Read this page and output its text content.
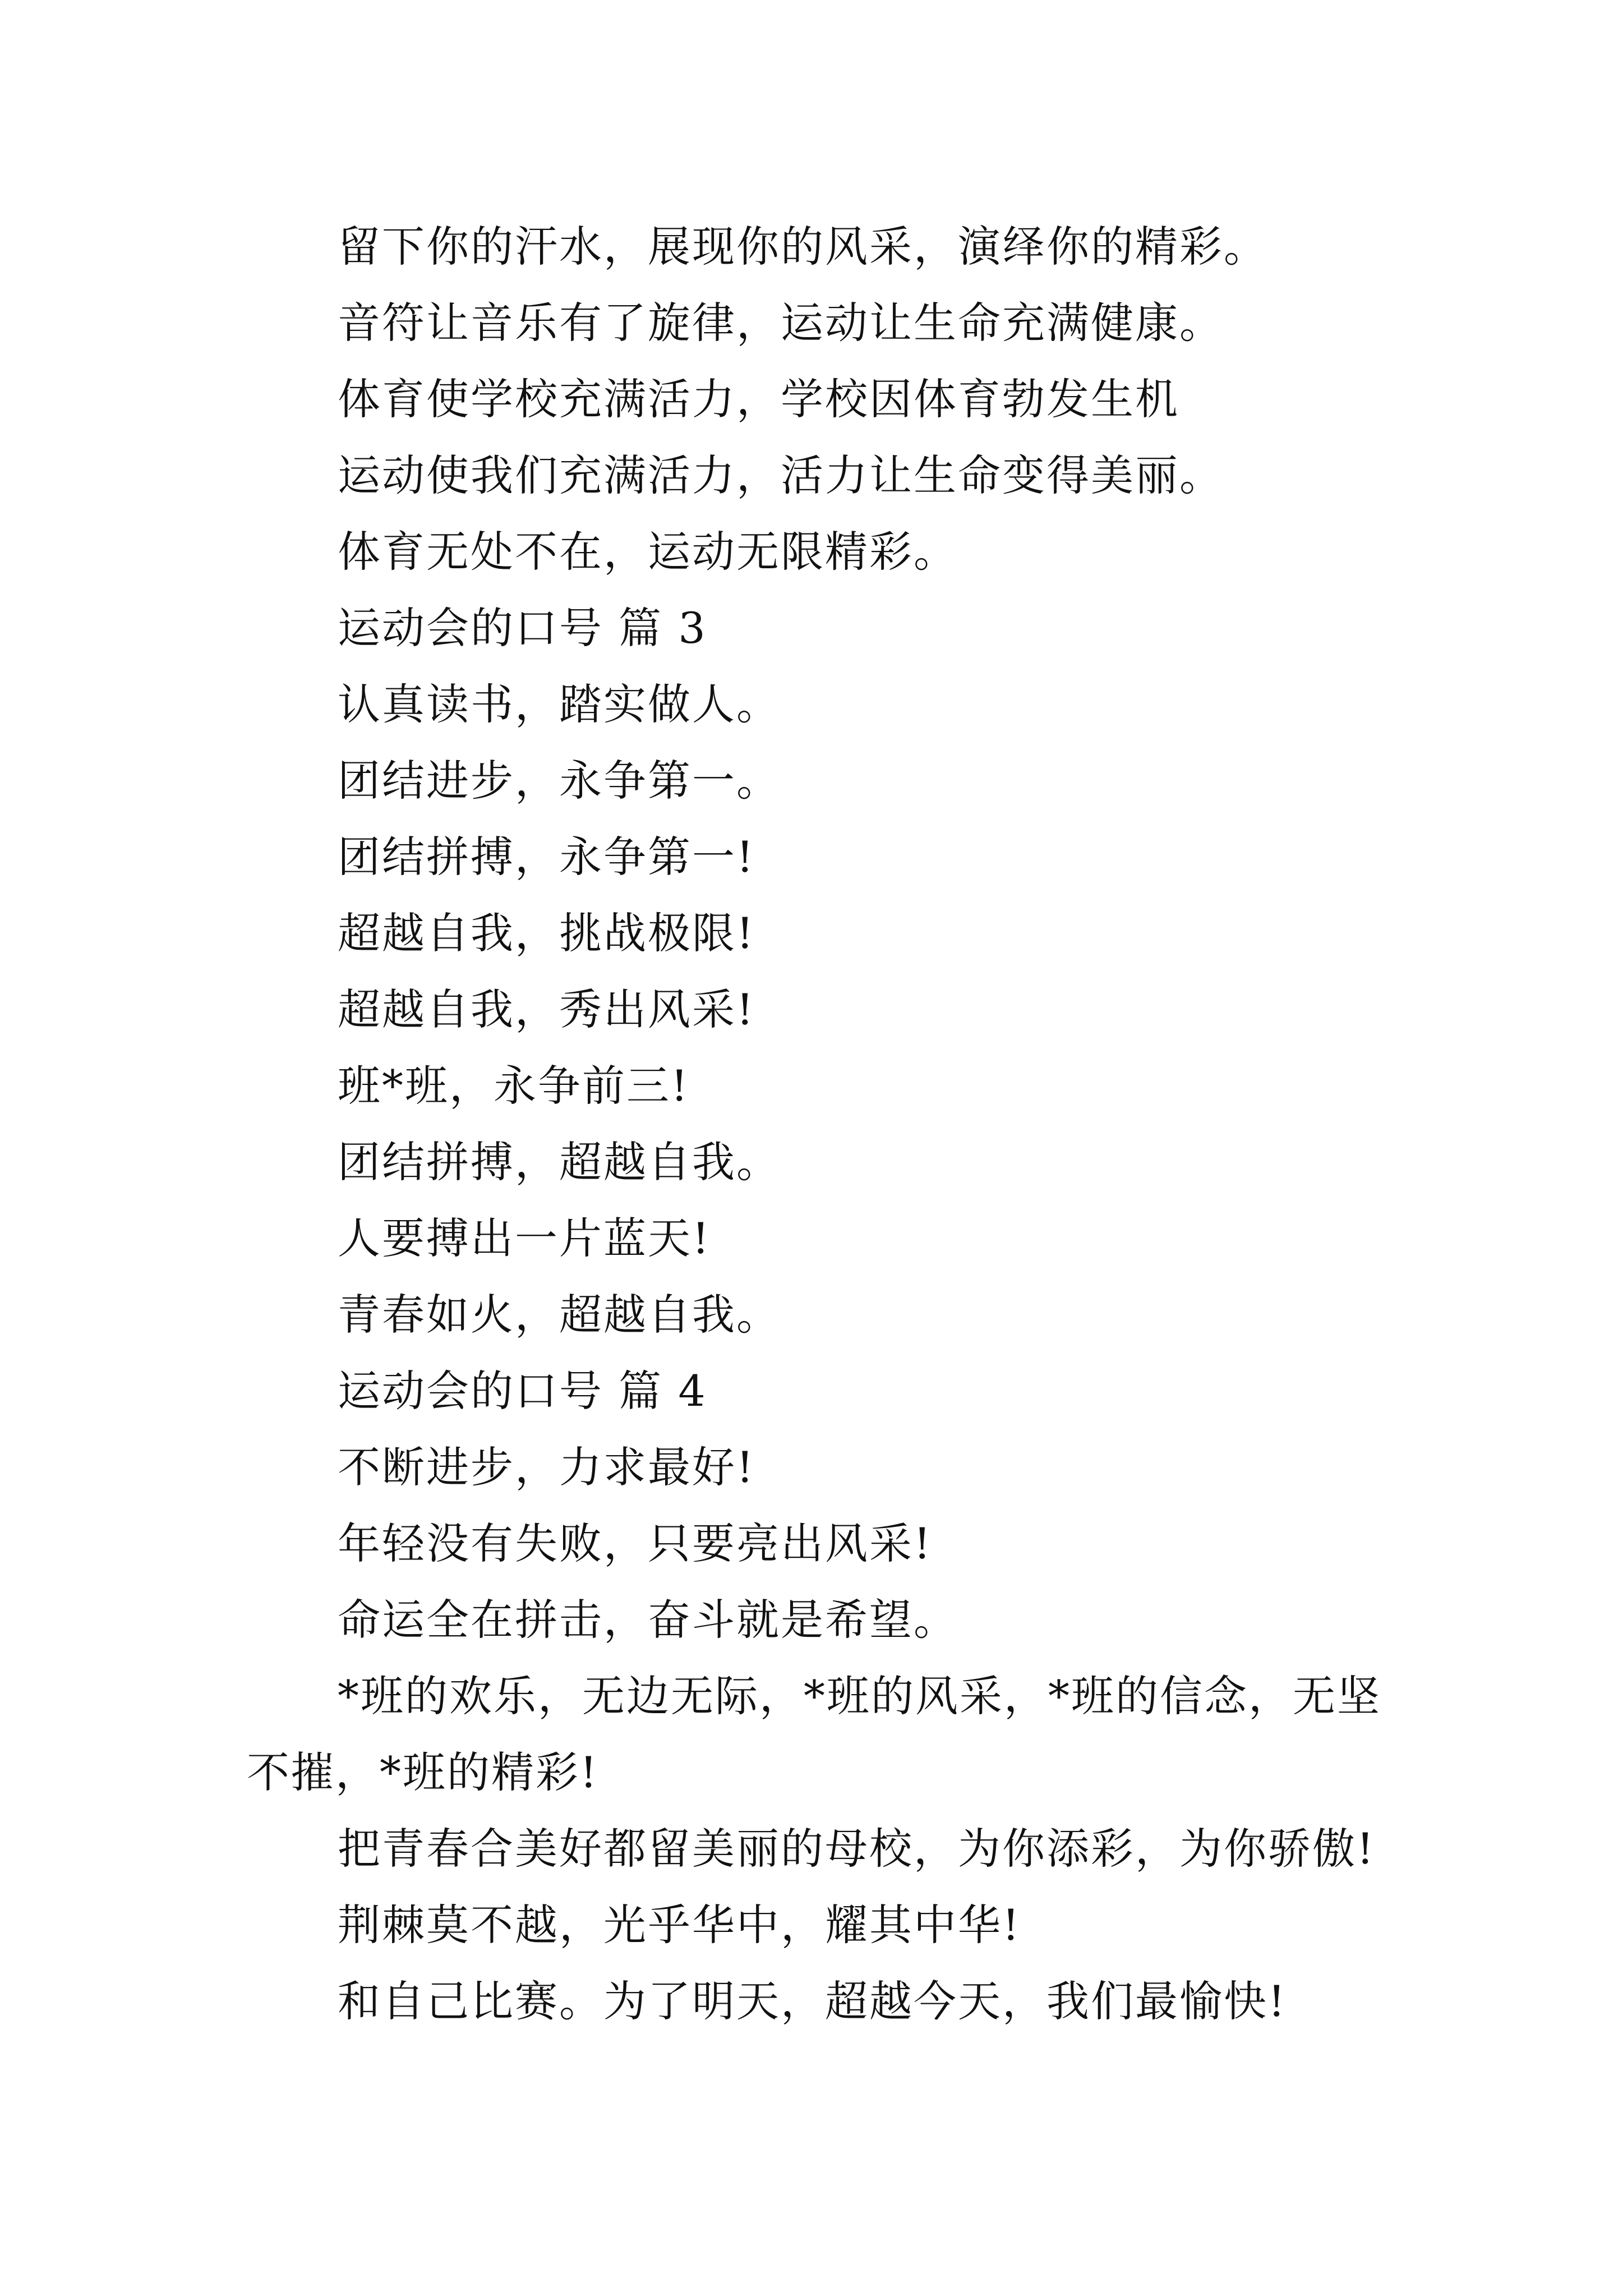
留下你的汗水，展现你的风采，演绎你的精彩。
音符让音乐有了旋律，运动让生命充满健康。
体育使学校充满活力，学校因体育勃发生机
运动使我们充满活力，活力让生命变得美丽。
体育无处不在，运动无限精彩。
运动会的口号 篇 3
认真读书，踏实做人。
团结进步，永争第一。
团结拼搏，永争第一!
超越自我，挑战极限!
超越自我，秀出风采!
班*班，永争前三!
团结拼搏，超越自我。
人要搏出一片蓝天!
青春如火，超越自我。
运动会的口号 篇 4
不断进步，力求最好!
年轻没有失败，只要亮出风采!
命运全在拼击，奋斗就是希望。
*班的欢乐，无边无际，*班的风采，*班的信念，无坚
不摧，*班的精彩!
把青春合美好都留美丽的母校，为你添彩，为你骄傲!
荆棘莫不越，光乎华中，耀其中华!
和自己比赛。为了明天，超越今天，我们最愉快!
